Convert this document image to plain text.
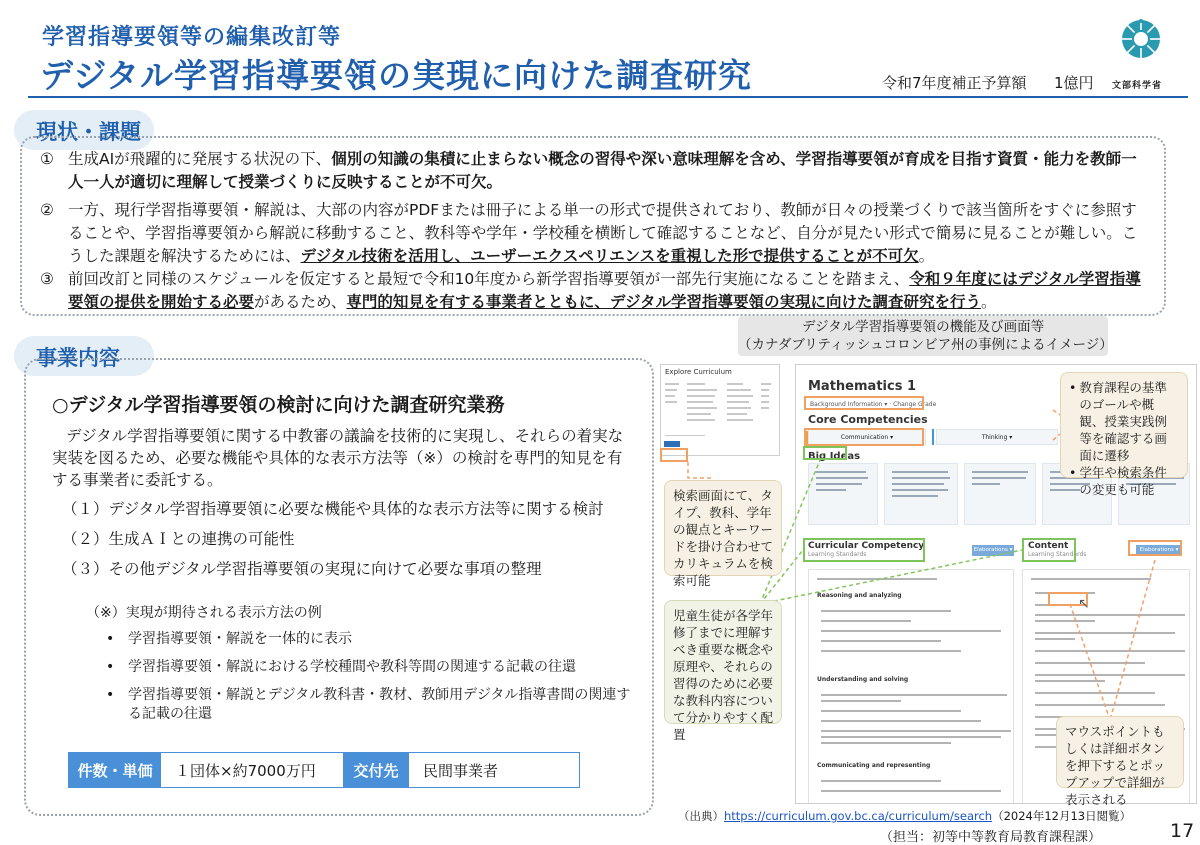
学習指導要領等の編集改訂等
デジタル学習指導要領の実現に向けた調査研究	令和7年度補正予算額 1億円 文部科学省
現状・課題
① 生成AIが飛躍的に発展する状況の下、個別の知識の集積に止まらない概念の習得や深い意味理解を含め、学習指導要領が育成を目指す資質・能力を教師一人一人が適切に理解して授業づくりに反映することが不可欠。
② 一方、現行学習指導要領・解説は、大部の内容がPDFまたは冊子による単一の形式で提供されており、教師が日々の授業づくりで該当箇所をすぐに参照することや、学習指導要領から解説に移動すること、教科等や学年・学校種を横断して確認することなど、自分が見たい形式で簡易に見ることが難しい。こうした課題を解決するためには、デジタル技術を活用し、ユーザーエクスペリエンスを重視した形で提供することが不可欠。
③ 前回改訂と同様のスケジュールを仮定すると最短で令和10年度から新学習指導要領が一部先行実施になることを踏まえ、令和９年度にはデジタル学習指導要領の提供を開始する必要があるため、専門的知見を有する事業者とともに、デジタル学習指導要領の実現に向けた調査研究を行う。
事業内容
○デジタル学習指導要領の検討に向けた調査研究業務
デジタル学習指導要領に関する中教審の議論を技術的に実現し、それらの着実な実装を図るため、必要な機能や具体的な表示方法等（※）の検討を専門的知見を有する事業者に委託する。
（１）デジタル学習指導要領に必要な機能や具体的な表示方法等に関する検討
（２）生成ＡＩとの連携の可能性
（３）その他デジタル学習指導要領の実現に向けて必要な事項の整理
（※）実現が期待される表示方法の例
• 学習指導要領・解説を一体的に表示
• 学習指導要領・解説における学校種間や教科等間の関連する記載の往還
• 学習指導要領・解説とデジタル教科書・教材、教師用デジタル指導書間の関連する記載の往還
件数・単価	１団体×約7000万円	交付先	民間事業者
デジタル学習指導要領の機能及び画面等
（カナダブリティッシュコロンビア州の事例によるイメージ）
Explore Curriculum
Mathematics 1
Background Information ▾ · Change Grade
Core Competencies
Communication ▾	Thinking ▾
Big Ideas
Curricular Competency
Learning Standards
Elaborations ▾ Content
Learning Standards
Elaborations ▾
Reasoning and analyzing
Understanding and solving
Communicating and representing
検索画面にて、タイプ、教科、学年の観点とキーワードを掛け合わせてカリキュラムを検索可能
• 教育課程の基準のゴールや概観、授業実践例等を確認する画面に遷移
• 学年や検索条件の変更も可能
児童生徒が各学年修了までに理解すべき重要な概念や原理や、それらの習得のために必要な教科内容について分かりやすく配置	マウスポイントもしくは詳細ボタンを押下するとポップアップで詳細が表示される
↖
（出典）https://curriculum.gov.bc.ca/curriculum/search（2024年12月13日閲覧）
（担当：初等中等教育局教育課程課）	17
